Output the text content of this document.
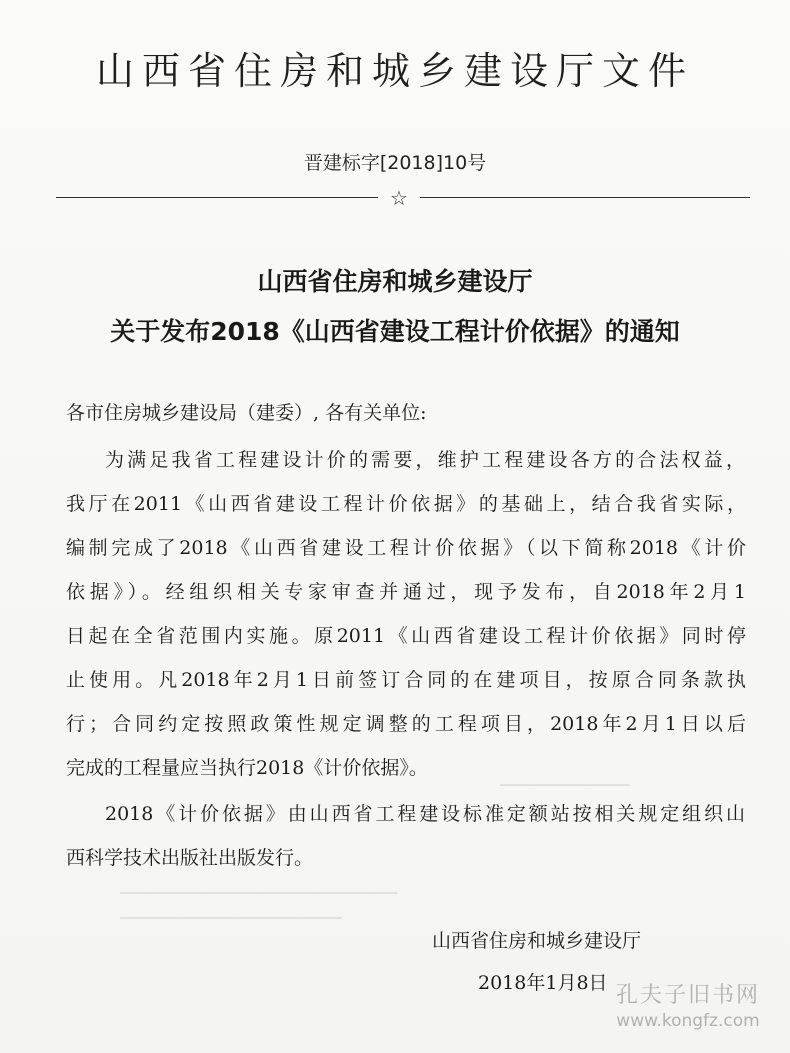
山西省住房和城乡建设厅文件
晋建标字[2018]10号
☆
山西省住房和城乡建设厅
关于发布2018《山西省建设工程计价依据》的通知
各市住房城乡建设局（建委）, 各有关单位:
为满足我省工程建设计价的需要，维护工程建设各方的合法权益，
我厅在2011《山西省建设工程计价依据》的基础上，结合我省实际，
编制完成了2018《山西省建设工程计价依据》（以下简称2018《计价
依据》）。经组织相关专家审查并通过，现予发布，自2018年2月1
日起在全省范围内实施。原2011《山西省建设工程计价依据》同时停
止使用。凡2018年2月1日前签订合同的在建项目，按原合同条款执
行；合同约定按照政策性规定调整的工程项目，2018年2月1日以后
完成的工程量应当执行2018《计价依据》。
2018《计价依据》由山西省工程建设标准定额站按相关规定组织山
西科学技术出版社出版发行。
▁▁▁▁▁▁▁▁▁▁▁▁▁▁
▁▁▁▁▁▁▁▁▁▁▁▁▁▁▁▁▁▁▁▁▁▁▁▁▁▁▁▁▁▁
▁▁▁▁▁▁▁▁▁▁▁▁▁▁▁▁▁▁▁▁▁▁▁▁
山西省住房和城乡建设厅
2018年1月8日 孔夫子旧书网
www.kongfz.com
